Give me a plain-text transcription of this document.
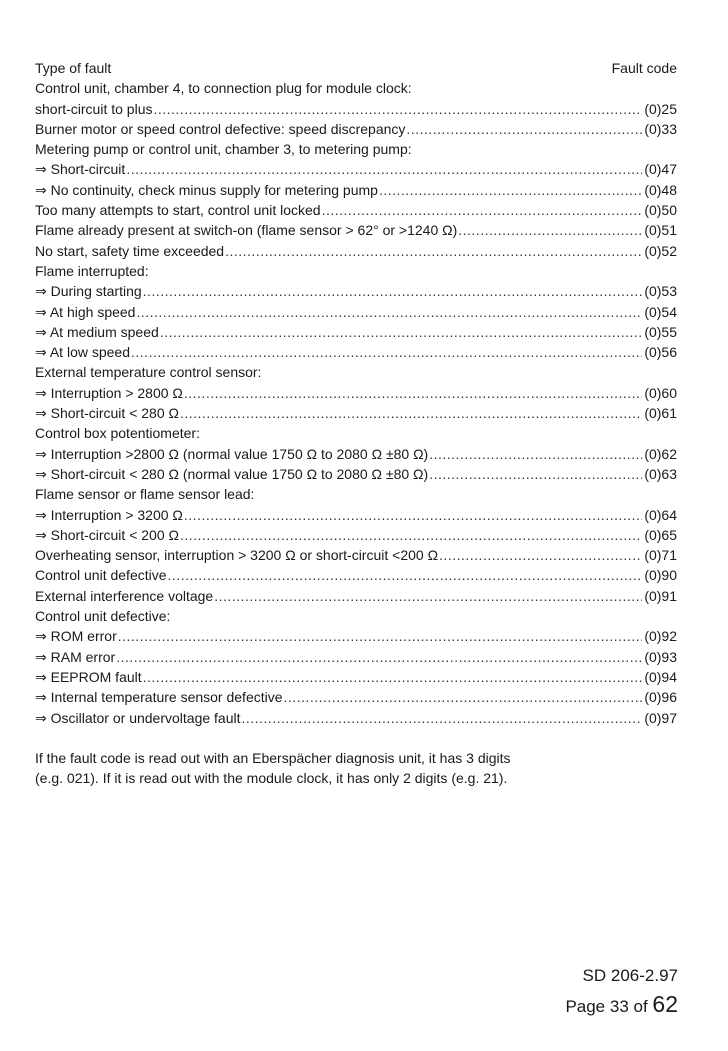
Type of fault	Fault code
Control unit, chamber 4, to connection plug for module clock:
short-circuit to plus .....	(0)25
Burner motor or speed control defective: speed discrepancy .....	(0)33
Metering pump or control unit, chamber 3, to metering pump:
⇒ Short-circuit .....	(0)47
⇒ No continuity, check minus supply for metering pump .....	(0)48
Too many attempts to start, control unit locked .....	(0)50
Flame already present at switch-on (flame sensor > 62° or >1240 Ω) .....	(0)51
No start, safety time exceeded .....	(0)52
Flame interrupted:
⇒ During starting .....	(0)53
⇒ At high speed .....	(0)54
⇒ At medium speed .....	(0)55
⇒ At low speed .....	(0)56
External temperature control sensor:
⇒ Interruption > 2800 Ω .....	(0)60
⇒ Short-circuit < 280 Ω .....	(0)61
Control box potentiometer:
⇒ Interruption >2800 Ω (normal value 1750 Ω to 2080 Ω ±80 Ω) .....	(0)62
⇒ Short-circuit < 280 Ω (normal value 1750 Ω to 2080 Ω ±80 Ω) .....	(0)63
Flame sensor or flame sensor lead:
⇒ Interruption > 3200 Ω .....	(0)64
⇒ Short-circuit < 200 Ω .....	(0)65
Overheating sensor, interruption > 3200 Ω or short-circuit <200 Ω .....	(0)71
Control unit defective .....	(0)90
External interference voltage .....	(0)91
Control unit defective:
⇒ ROM error .....	(0)92
⇒ RAM error .....	(0)93
⇒ EEPROM fault .....	(0)94
⇒ Internal temperature sensor defective .....	(0)96
⇒ Oscillator or undervoltage fault .....	(0)97
If the fault code is read out with an Eberspächer diagnosis unit, it has 3 digits
(e.g. 021). If it is read out with the module clock, it has only 2 digits (e.g. 21).
SD 206-2.97
Page 33 of 62
